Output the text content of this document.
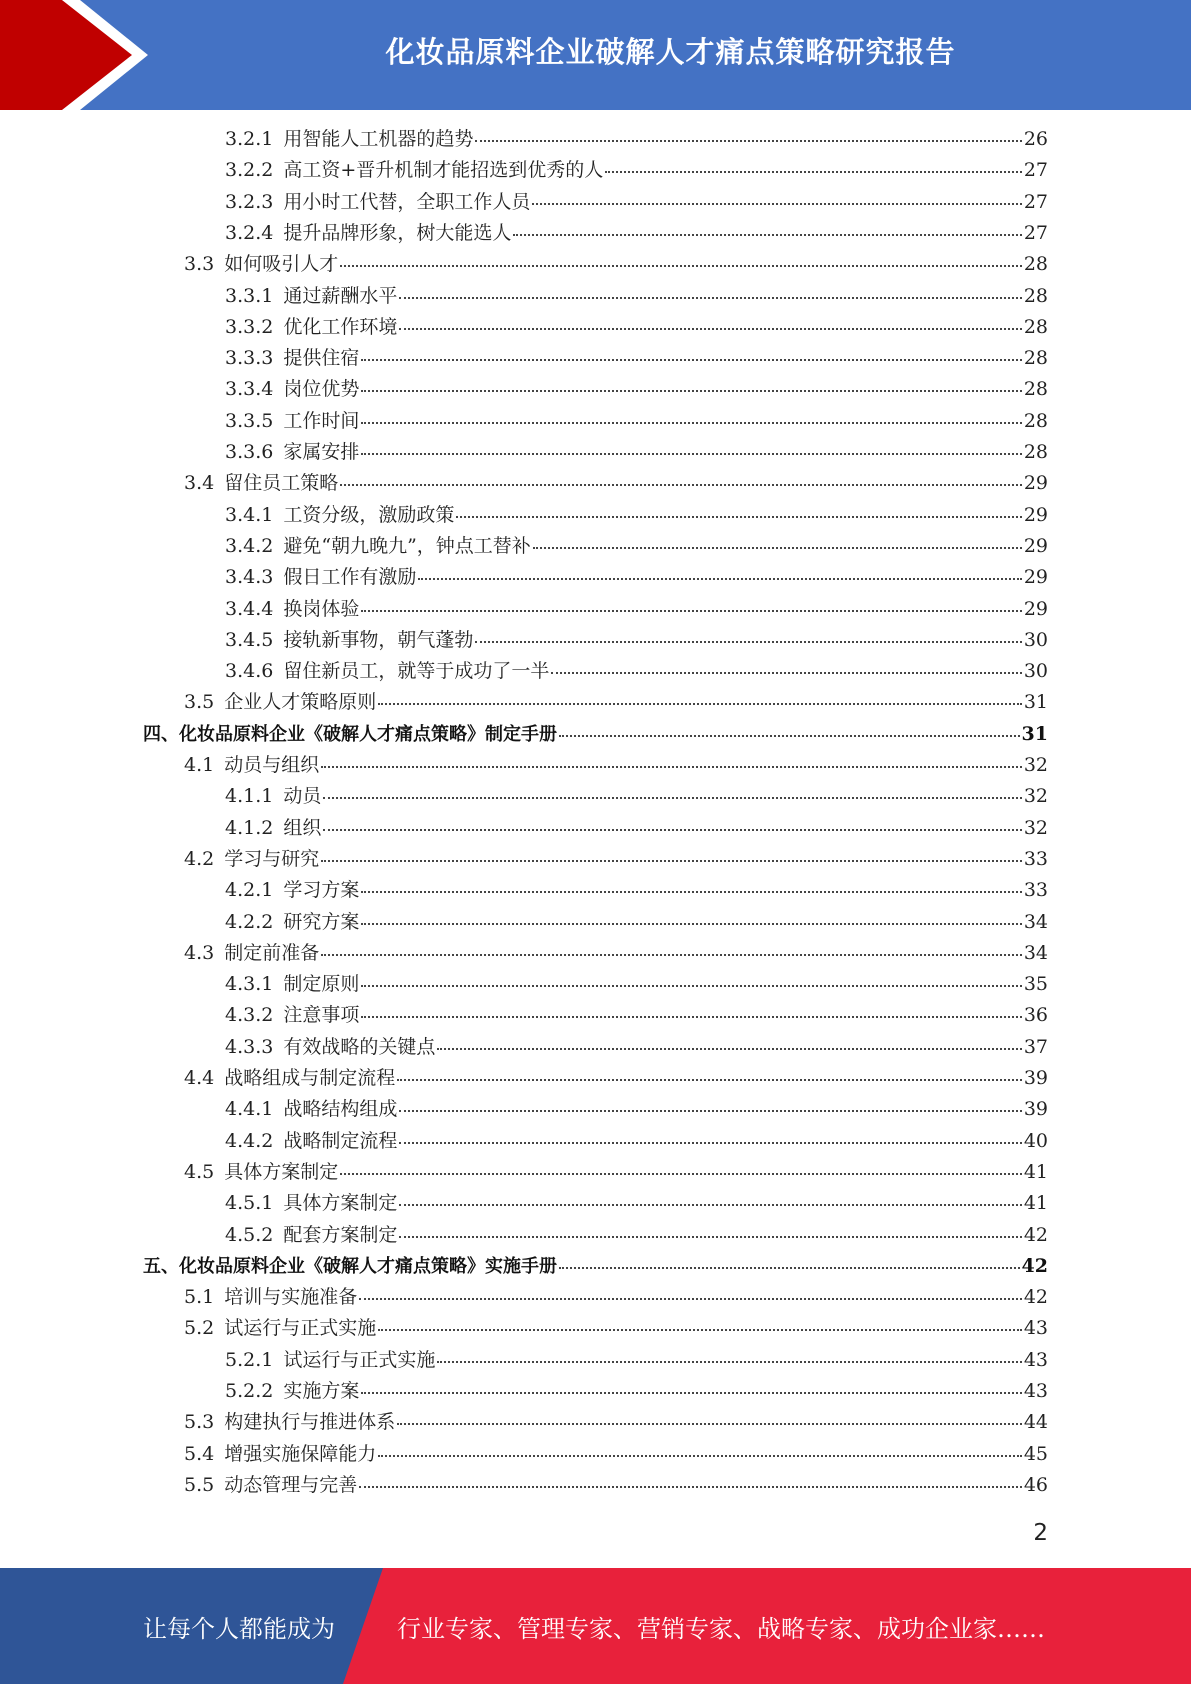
化妆品原料企业破解人才痛点策略研究报告
3.2.1 用智能人工机器的趋势	26
3.2.2 高工资+晋升机制才能招选到优秀的人	27
3.2.3 用小时工代替，全职工作人员	27
3.2.4 提升品牌形象，树大能选人	27
3.3 如何吸引人才	28
3.3.1 通过薪酬水平	28
3.3.2 优化工作环境	28
3.3.3 提供住宿	28
3.3.4 岗位优势	28
3.3.5 工作时间	28
3.3.6 家属安排	28
3.4 留住员工策略	29
3.4.1 工资分级，激励政策	29
3.4.2 避免“朝九晚九”，钟点工替补	29
3.4.3 假日工作有激励	29
3.4.4 换岗体验	29
3.4.5 接轨新事物，朝气蓬勃	30
3.4.6 留住新员工，就等于成功了一半	30
3.5 企业人才策略原则	31
四、 化妆品原料企业《破解人才痛点策略》制定手册	31
4.1 动员与组织	32
4.1.1 动员	32
4.1.2 组织	32
4.2 学习与研究	33
4.2.1 学习方案	33
4.2.2 研究方案	34
4.3 制定前准备	34
4.3.1 制定原则	35
4.3.2 注意事项	36
4.3.3 有效战略的关键点	37
4.4 战略组成与制定流程	39
4.4.1 战略结构组成	39
4.4.2 战略制定流程	40
4.5 具体方案制定	41
4.5.1 具体方案制定	41
4.5.2 配套方案制定	42
五、 化妆品原料企业《破解人才痛点策略》实施手册	42
5.1 培训与实施准备	42
5.2 试运行与正式实施	43
5.2.1 试运行与正式实施	43
5.2.2 实施方案	43
5.3 构建执行与推进体系	44
5.4 增强实施保障能力	45
5.5 动态管理与完善	46
2
让每个人都能成为	行业专家、管理专家、营销专家、战略专家、成功企业家……
